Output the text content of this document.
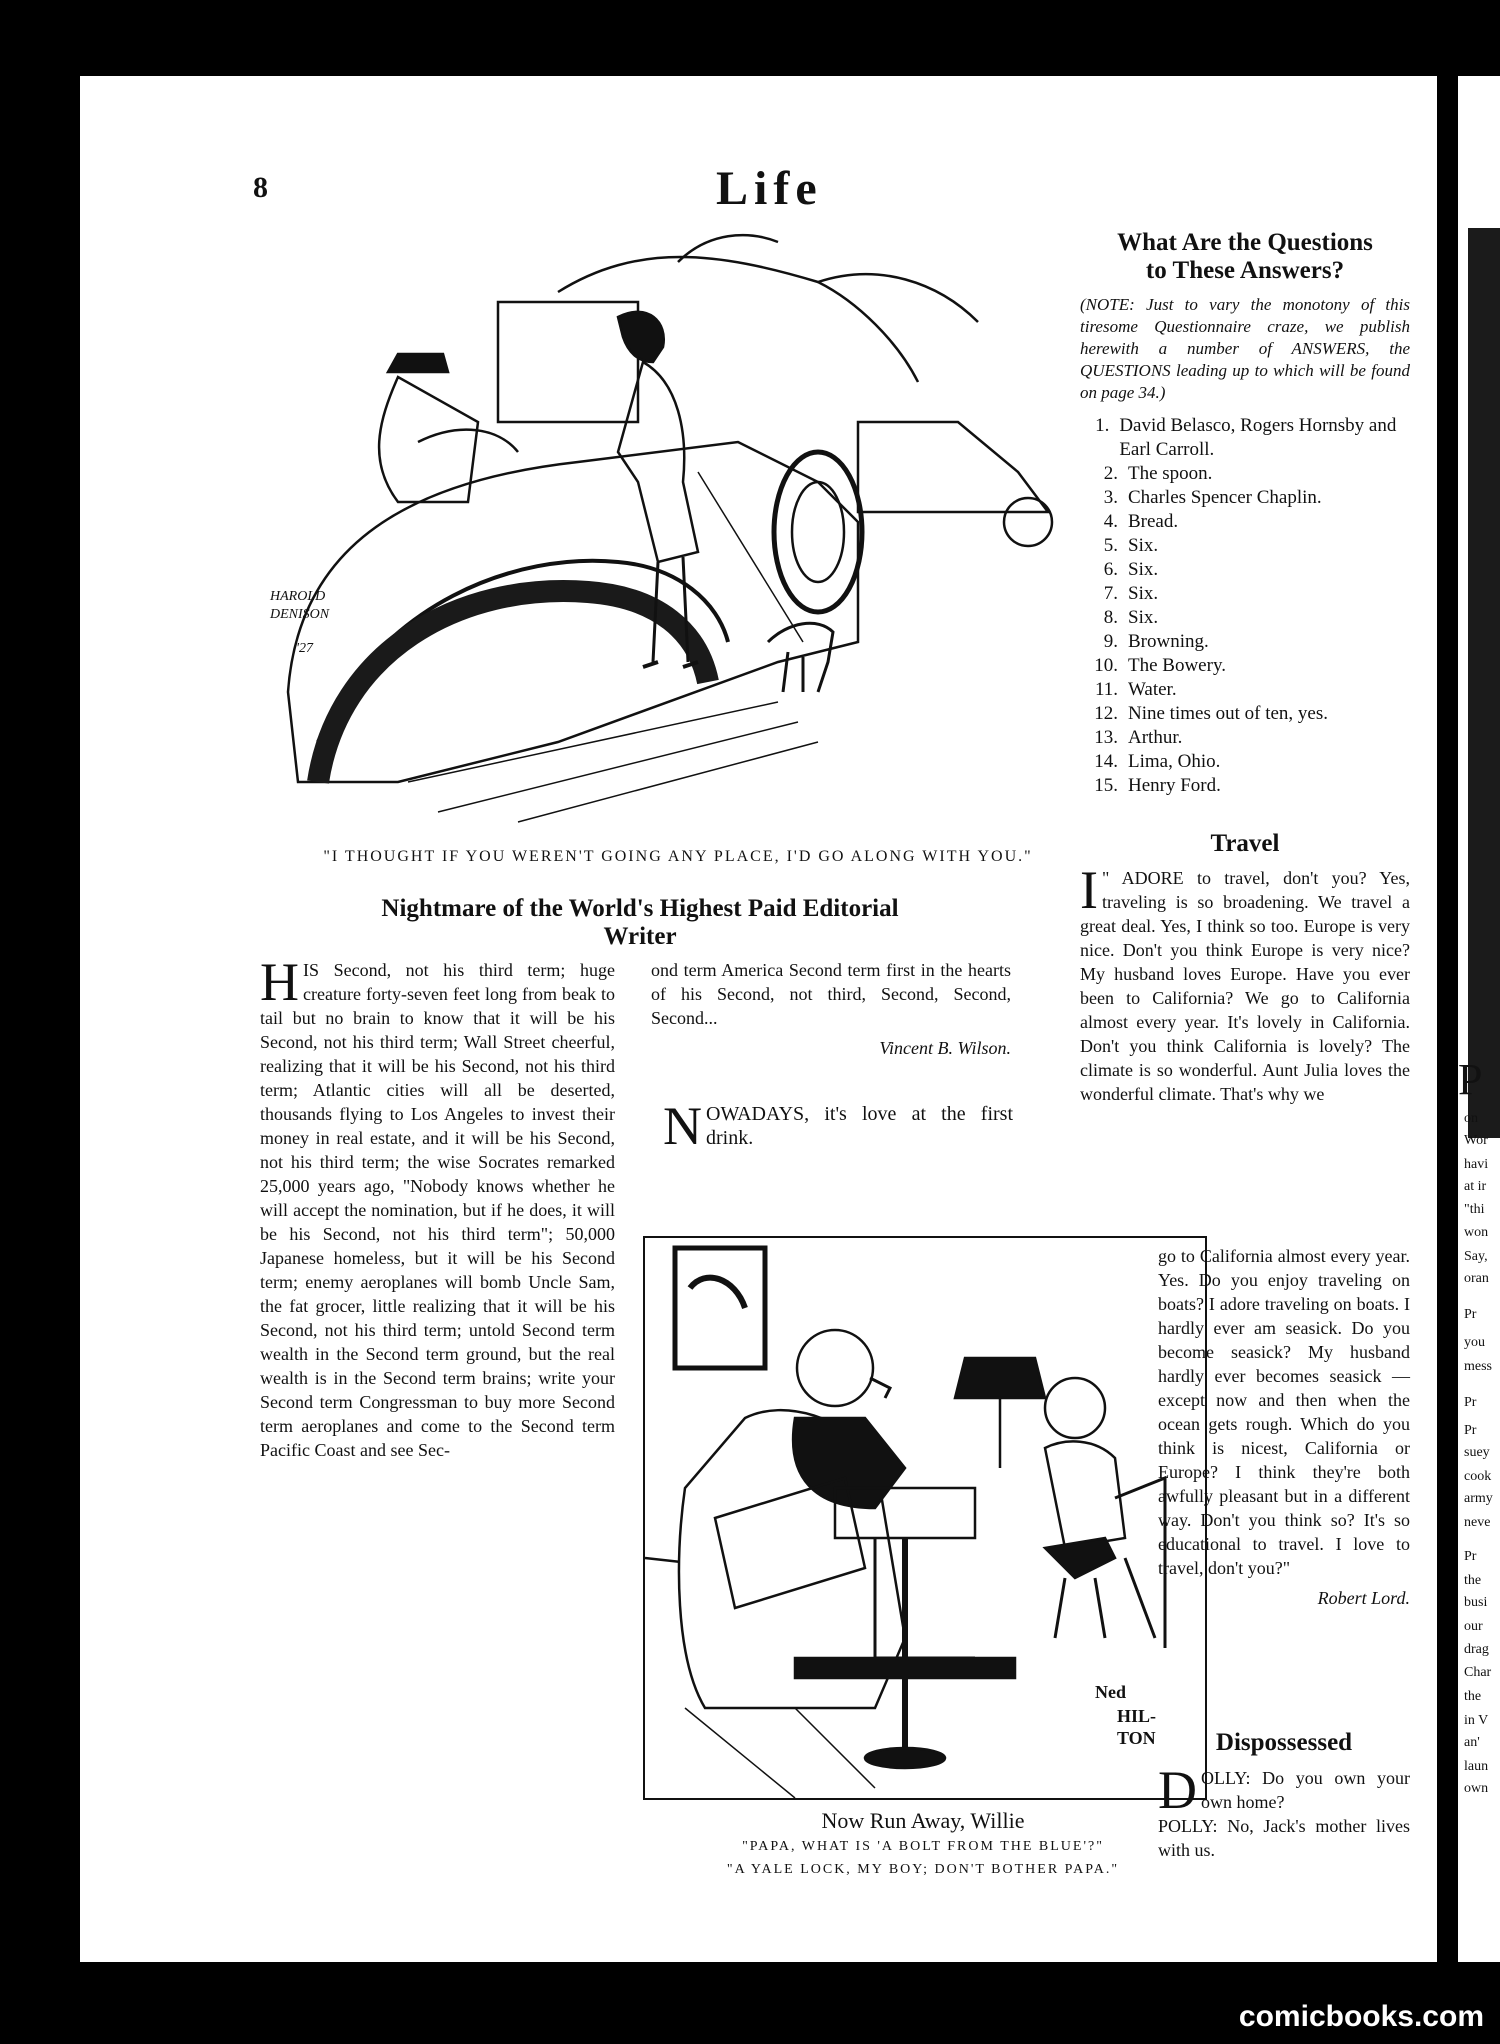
8	Life
HAROLD
DENISON
'27
"I THOUGHT IF YOU WEREN'T GOING ANY PLACE, I'D GO ALONG WITH YOU."
Nightmare of the World's Highest Paid Editorial Writer
HIS Second, not his third term; huge creature forty-seven feet long from beak to tail but no brain to know that it will be his Second, not his third term; Wall Street cheerful, realizing that it will be his Second, not his third term; Atlantic cities will all be deserted, thousands flying to Los Angeles to invest their money in real estate, and it will be his Second, not his third term; the wise Socrates remarked 25,000 years ago, "Nobody knows whether he will accept the nomination, but if he does, it will be his Second, not his third term"; 50,000 Japanese homeless, but it will be his Second term; enemy aeroplanes will bomb Uncle Sam, the fat grocer, little realizing that it will be his Second, not his third term; untold Second term wealth in the Second term ground, but the real wealth is in the Second term brains; write your Second term Congressman to buy more Second term aeroplanes and come to the Second term Pacific Coast and see Sec-
ond term America Second term first in the hearts of his Second, not third, Second, Second, Second...
Vincent B. Wilson.
NOWADAYS, it's love at the first drink.
Ned
HIL-
TON
Now Run Away, Willie
"PAPA, WHAT IS 'A BOLT FROM THE BLUE'?"
"A YALE LOCK, MY BOY; DON'T BOTHER PAPA."
What Are the Questions
to These Answers?
(NOTE: Just to vary the monotony of this tiresome Questionnaire craze, we publish herewith a number of ANSWERS, the QUESTIONS leading up to which will be found on page 34.)
1. David Belasco, Rogers Hornsby and Earl Carroll.
2. The spoon.
3. Charles Spencer Chaplin.
4. Bread.
5. Six.
6. Six.
7. Six.
8. Six.
9. Browning.
10. The Bowery.
11. Water.
12. Nine times out of ten, yes.
13. Arthur.
14. Lima, Ohio.
15. Henry Ford.
Travel
I " ADORE to travel, don't you? Yes, traveling is so broadening. We travel a great deal. Yes, I think so too. Europe is very nice. Don't you think Europe is very nice? My husband loves Europe. Have you ever been to California? We go to California almost every year. It's lovely in California. Don't you think California is lovely? The climate is so wonderful. Aunt Julia loves the wonderful climate. That's why we
go to California almost every year. Yes. Do you enjoy traveling on boats? I adore traveling on boats. I hardly ever am seasick. Do you become seasick? My husband hardly ever becomes seasick — except now and then when the ocean gets rough. Which do you think is nicest, California or Europe? I think they're both awfully pleasant but in a different way. Don't you think so? It's so educational to travel. I love to travel, don't you?"
Robert Lord.
Dispossessed
DOLLY: Do you own your own home?
POLLY: No, Jack's mother lives with us.
P
on
Wor
havi
at ir
"thi
won
Say,
oran
Pr
you
mess
Pr
Pr
suey
cook
army
neve
Pr
the
busi
our
drag
Char
the
in V
an'
laun
own
comicbooks.com
